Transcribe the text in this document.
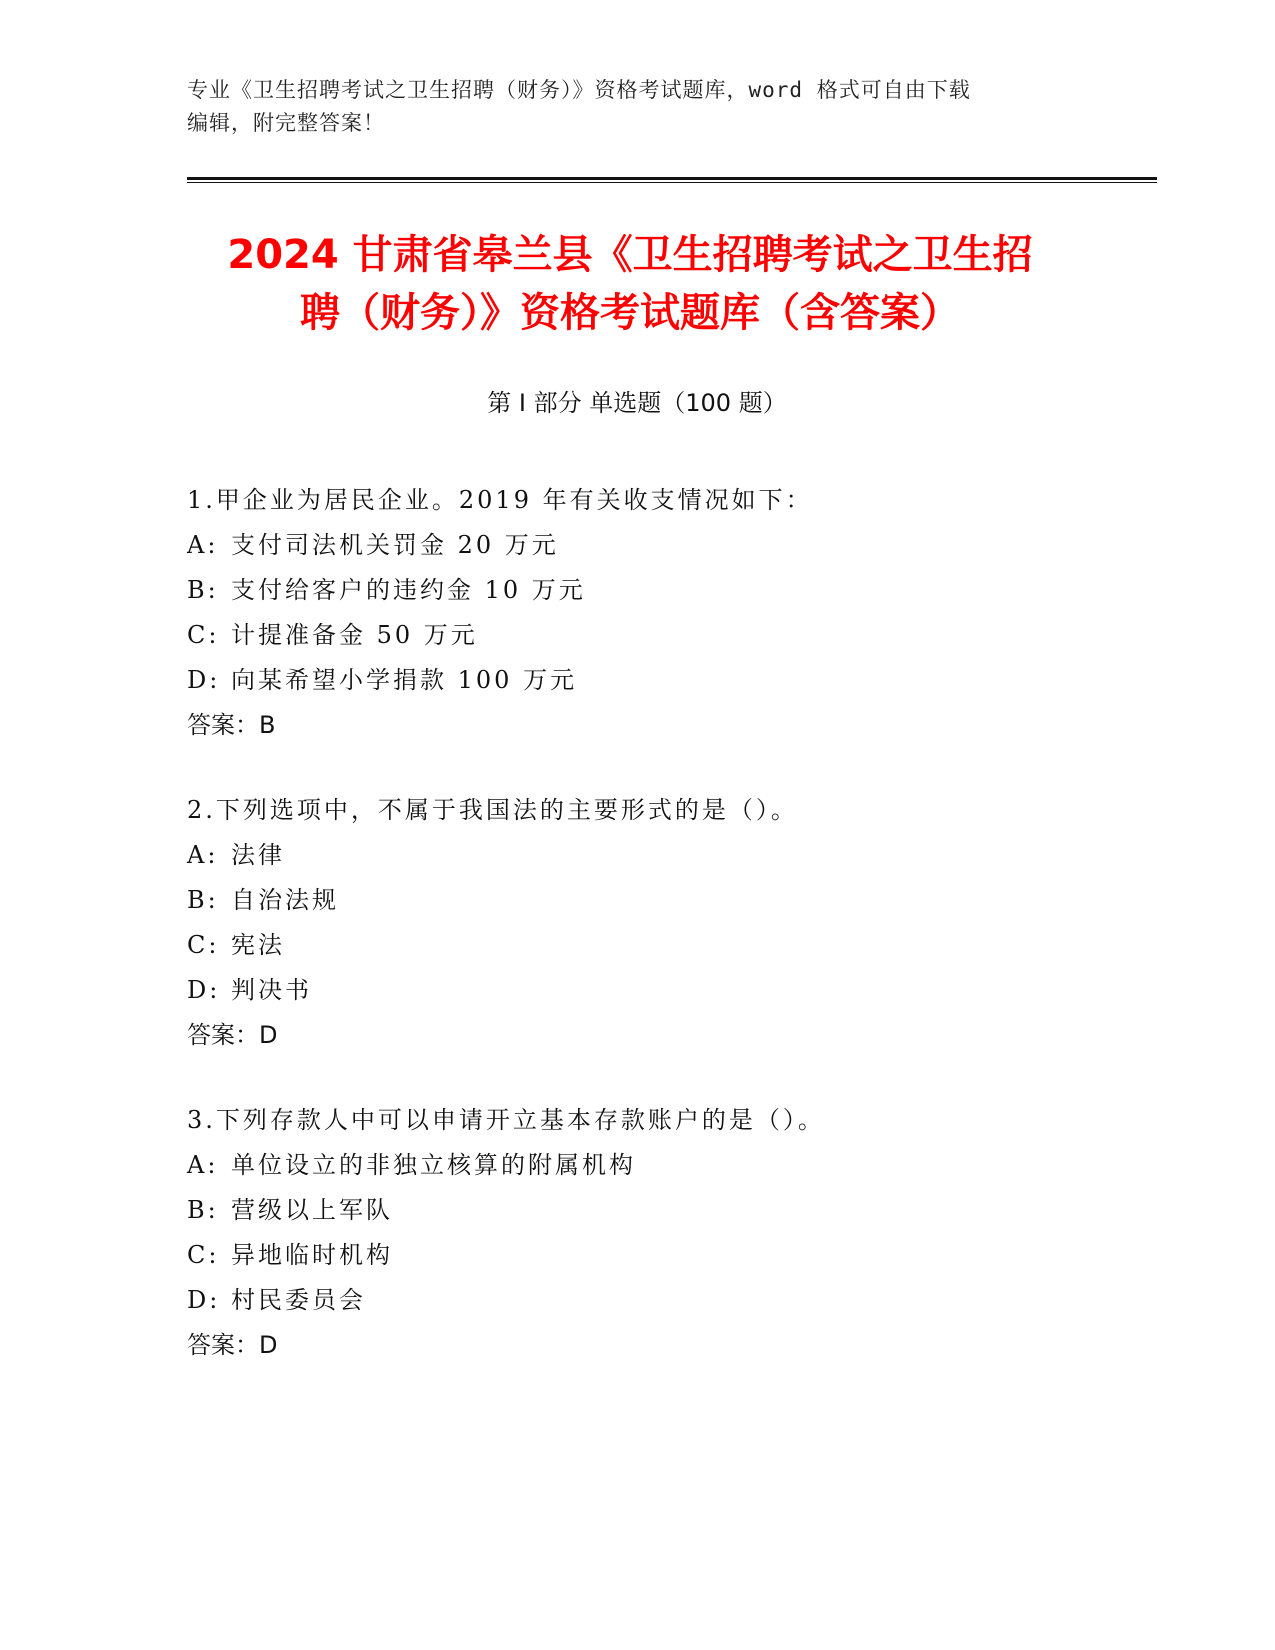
专业《卫生招聘考试之卫生招聘（财务）》资格考试题库，word 格式可自由下载
编辑，附完整答案！
2024 甘肃省皋兰县《卫生招聘考试之卫生招
聘（财务）》资格考试题库（含答案）
第 I 部分 单选题（100 题）
1.甲企业为居民企业。2019 年有关收支情况如下：
A: 支付司法机关罚金 20 万元
B: 支付给客户的违约金 10 万元
C: 计提准备金 50 万元
D: 向某希望小学捐款 100 万元
答案：B
2.下列选项中，不属于我国法的主要形式的是（）。
A: 法律
B: 自治法规
C: 宪法
D: 判决书
答案：D
3.下列存款人中可以申请开立基本存款账户的是（）。
A: 单位设立的非独立核算的附属机构
B: 营级以上军队
C: 异地临时机构
D: 村民委员会
答案：D
